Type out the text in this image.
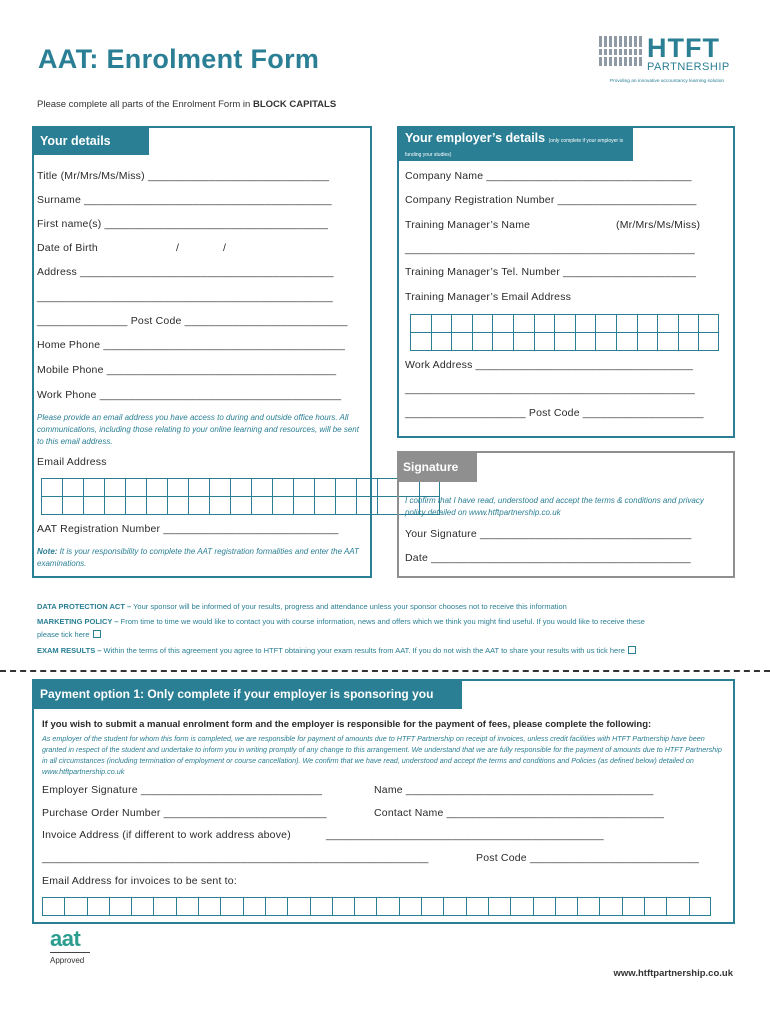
AAT: Enrolment Form
Please complete all parts of the Enrolment Form in BLOCK CAPITALS
HTFT
PARTNERSHIP
Providing an innovative accountancy learning solution
Your details
Title (Mr/Mrs/Ms/Miss) ______________________________
Surname _________________________________________
First name(s) _____________________________________
Date of Birth	/	/
Address __________________________________________
_________________________________________________
_______________ Post Code ___________________________
Home Phone ________________________________________
Mobile Phone ______________________________________
Work Phone ________________________________________
Please provide an email address you have access to during and outside office hours. All communications, including those relating to your online learning and resources, will be sent to this email address.
Email Address
AAT Registration Number _____________________________
Note: It is your responsibility to complete the AAT registration formalities and enter the AAT examinations.
Your employer’s details (only complete if your employer is funding your studies)
Company Name __________________________________
Company Registration Number _______________________
Training Manager’s Name	(Mr/Mrs/Ms/Miss)
________________________________________________
Training Manager’s Tel. Number ______________________
Training Manager’s Email Address
Work Address ____________________________________
________________________________________________
____________________ Post Code ____________________
Signature
I confirm that I have read, understood and accept the terms & conditions and privacy policy detailed on www.htftpartnership.co.uk
Your Signature ___________________________________
Date ___________________________________________
DATA PROTECTION ACT – Your sponsor will be informed of your results, progress and attendance unless your sponsor chooses not to receive this information
MARKETING POLICY – From time to time we would like to contact you with course information, news and offers which we think you might find useful. If you would like to receive these
please tick here
EXAM RESULTS – Within the terms of this agreement you agree to HTFT obtaining your exam results from AAT. If you do not wish the AAT to share your results with us tick here
Payment option 1: Only complete if your employer is sponsoring you
If you wish to submit a manual enrolment form and the employer is responsible for the payment of fees, please complete the following:
As employer of the student for whom this form is completed, we are responsible for payment of amounts due to HTFT Partnership on receipt of invoices, unless credit facilities with HTFT Partnership have been granted in respect of the student and undertake to inform you in writing promptly of any change to this arrangement. We understand that we are fully responsible for the payment of amounts due to HTFT Partnership in all circumstances (including termination of employment or course cancellation). We confirm that we have read, understood and accept the terms and conditions and Policies (as defined below) detailed on www.htftpartnership.co.uk
Employer Signature ______________________________	Name _________________________________________
Purchase Order Number ___________________________	Contact Name ____________________________________
Invoice Address (if different to work address above)	______________________________________________
________________________________________________________________	Post Code ____________________________
Email Address for invoices to be sent to:
aat
Approved
www.htftpartnership.co.uk
